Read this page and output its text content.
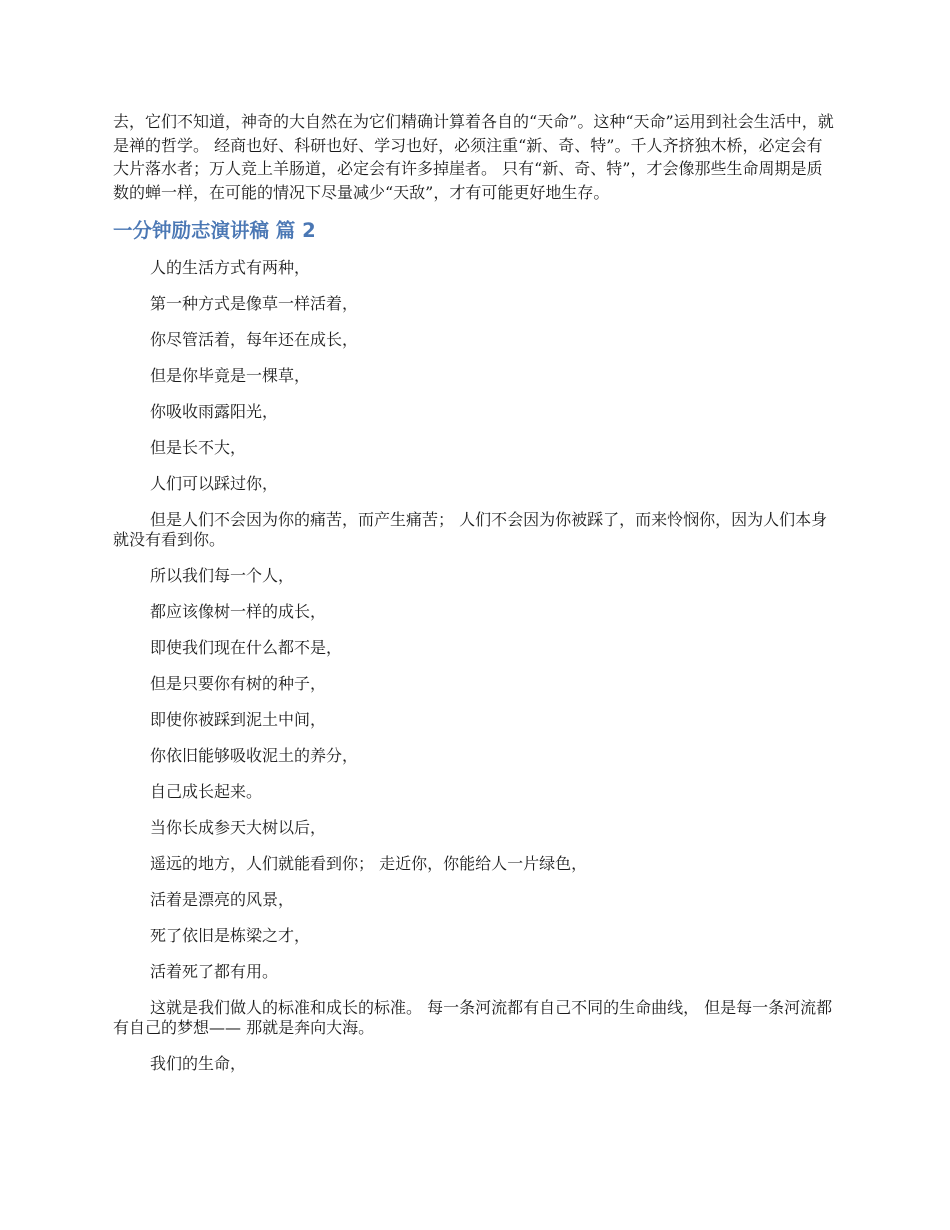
去，它们不知道，神奇的大自然在为它们精确计算着各自的“天命”。这种“天命”运用到社会生活中，就是禅的哲学。 经商也好、科研也好、学习也好，必须注重“新、奇、特”。千人齐挤独木桥，必定会有大片落水者；万人竞上羊肠道，必定会有许多掉崖者。 只有“新、奇、特”，才会像那些生命周期是质数的蝉一样，在可能的情况下尽量减少“天敌”，才有可能更好地生存。

一分钟励志演讲稿 篇 2

人的生活方式有两种，

第一种方式是像草一样活着，

你尽管活着，每年还在成长，

但是你毕竟是一棵草，

你吸收雨露阳光，

但是长不大，

人们可以踩过你，

但是人们不会因为你的痛苦，而产生痛苦； 人们不会因为你被踩了，而来怜悯你，因为人们本身就没有看到你。

所以我们每一个人，

都应该像树一样的成长，

即使我们现在什么都不是，

但是只要你有树的种子，

即使你被踩到泥土中间，

你依旧能够吸收泥土的养分，

自己成长起来。

当你长成参天大树以后，

遥远的地方，人们就能看到你； 走近你，你能给人一片绿色，

活着是漂亮的风景，

死了依旧是栋梁之才，

活着死了都有用。

这就是我们做人的标准和成长的标准。 每一条河流都有自己不同的生命曲线， 但是每一条河流都有自己的梦想—— 那就是奔向大海。

我们的生命，
